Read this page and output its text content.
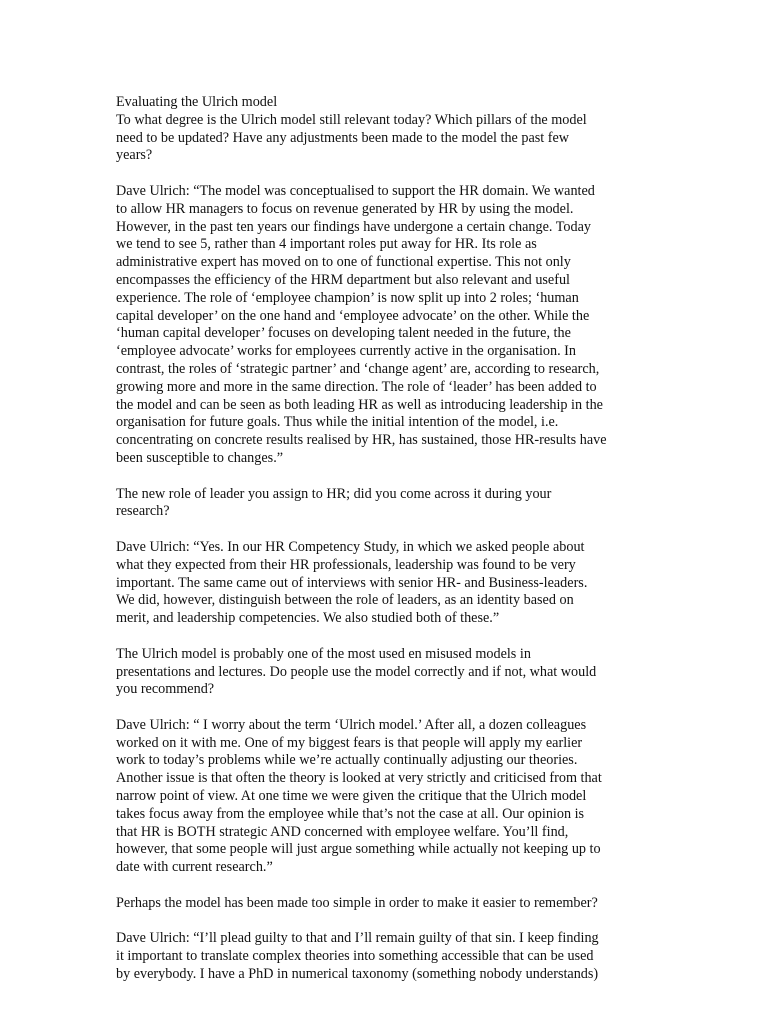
Evaluating the Ulrich model
To what degree is the Ulrich model still relevant today? Which pillars of the model
need to be updated? Have any adjustments been made to the model the past few
years?
Dave Ulrich: “The model was conceptualised to support the HR domain. We wanted
to allow HR managers to focus on revenue generated by HR by using the model.
However, in the past ten years our findings have undergone a certain change. Today
we tend to see 5, rather than 4 important roles put away for HR. Its role as
administrative expert has moved on to one of functional expertise. This not only
encompasses the efficiency of the HRM department but also relevant and useful
experience. The role of ‘employee champion’ is now split up into 2 roles; ‘human
capital developer’ on the one hand and ‘employee advocate’ on the other. While the
‘human capital developer’ focuses on developing talent needed in the future, the
‘employee advocate’ works for employees currently active in the organisation. In
contrast, the roles of ‘strategic partner’ and ‘change agent’ are, according to research,
growing more and more in the same direction. The role of ‘leader’ has been added to
the model and can be seen as both leading HR as well as introducing leadership in the
organisation for future goals. Thus while the initial intention of the model, i.e.
concentrating on concrete results realised by HR, has sustained, those HR-results have
been susceptible to changes.”
The new role of leader you assign to HR; did you come across it during your
research?
Dave Ulrich: “Yes. In our HR Competency Study, in which we asked people about
what they expected from their HR professionals, leadership was found to be very
important. The same came out of interviews with senior HR- and Business-leaders.
We did, however, distinguish between the role of leaders, as an identity based on
merit, and leadership competencies. We also studied both of these.”
The Ulrich model is probably one of the most used en misused models in
presentations and lectures. Do people use the model correctly and if not, what would
you recommend?
Dave Ulrich: “ I worry about the term ‘Ulrich model.’ After all, a dozen colleagues
worked on it with me. One of my biggest fears is that people will apply my earlier
work to today’s problems while we’re actually continually adjusting our theories.
Another issue is that often the theory is looked at very strictly and criticised from that
narrow point of view. At one time we were given the critique that the Ulrich model
takes focus away from the employee while that’s not the case at all. Our opinion is
that HR is BOTH strategic AND concerned with employee welfare. You’ll find,
however, that some people will just argue something while actually not keeping up to
date with current research.”
Perhaps the model has been made too simple in order to make it easier to remember?
Dave Ulrich: “I’ll plead guilty to that and I’ll remain guilty of that sin. I keep finding
it important to translate complex theories into something accessible that can be used
by everybody. I have a PhD in numerical taxonomy (something nobody understands)
